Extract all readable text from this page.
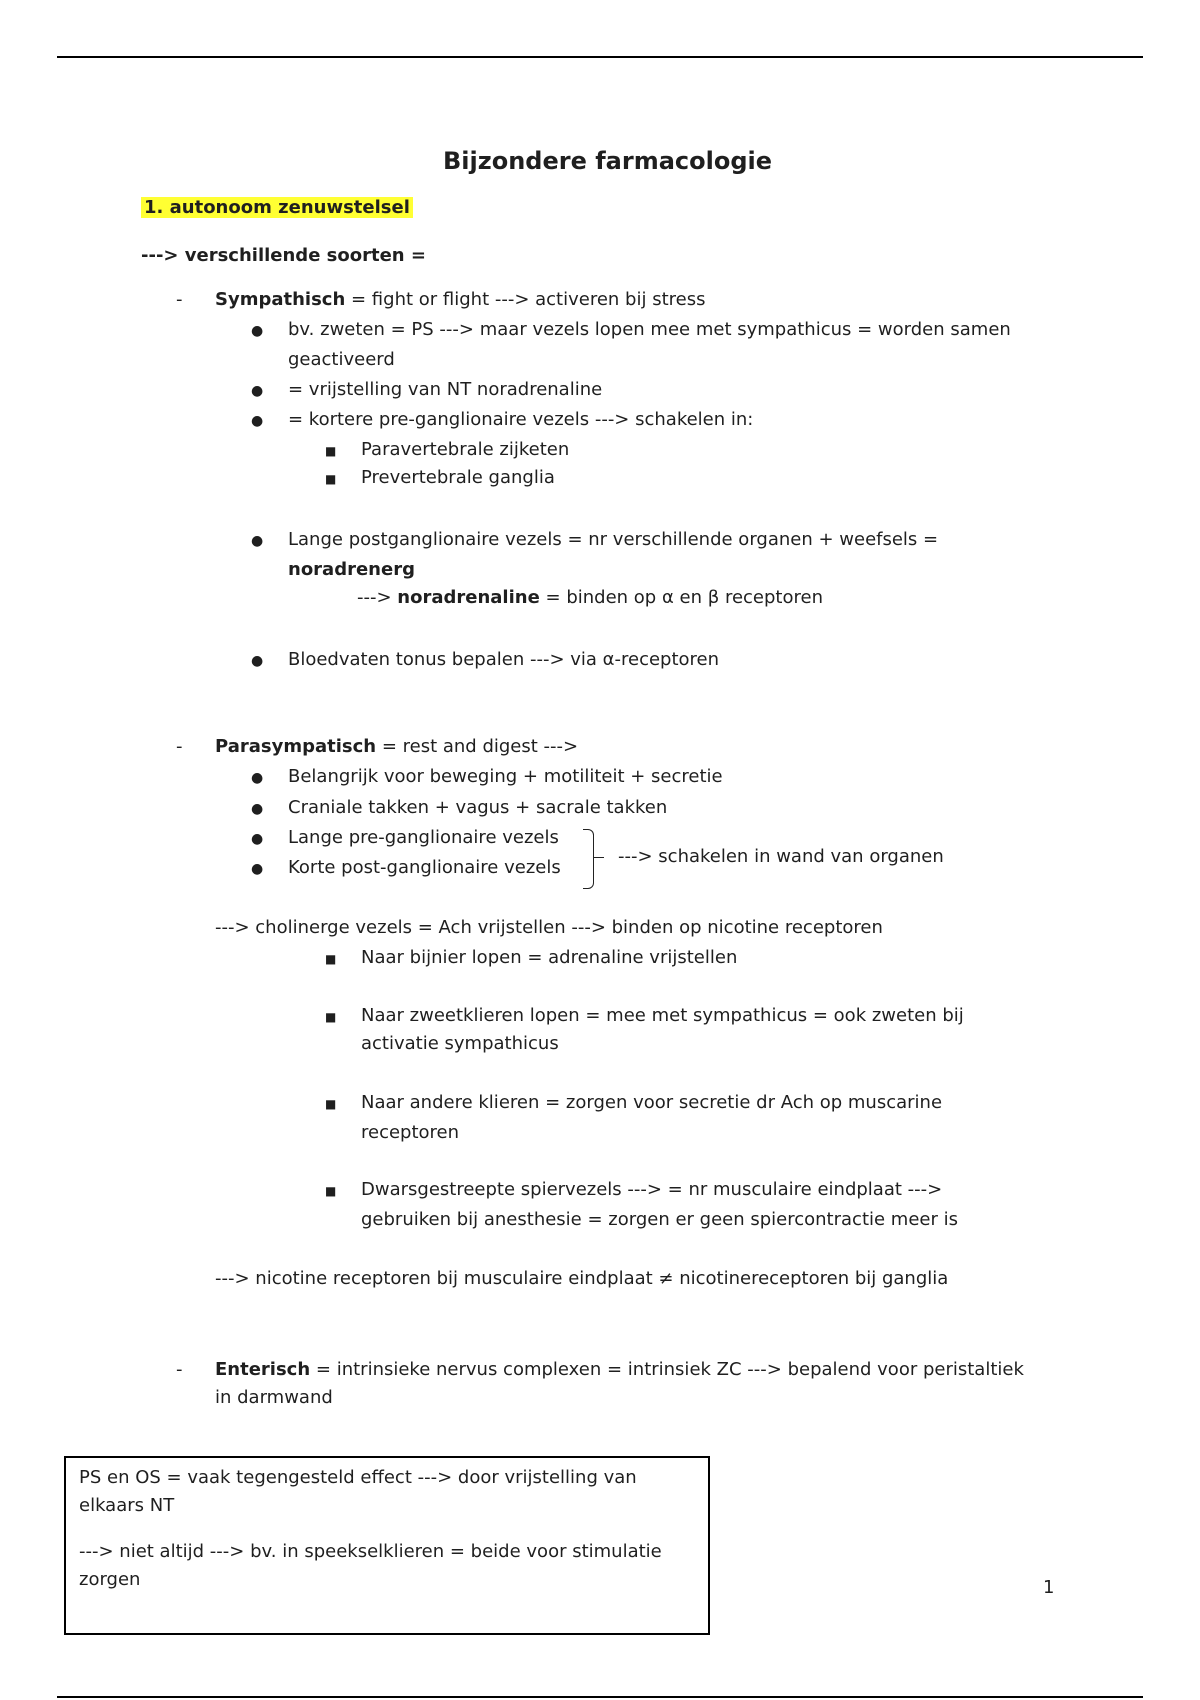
Bijzondere farmacologie
1. autonoom zenuwstelsel
---> verschillende soorten =
- Sympathisch = fight or flight ---> activeren bij stress
● bv. zweten = PS ---> maar vezels lopen mee met sympathicus = worden samen
geactiveerd
● = vrijstelling van NT noradrenaline
● = kortere pre-ganglionaire vezels ---> schakelen in:
■ Paravertebrale zijketen
■ Prevertebrale ganglia
● Lange postganglionaire vezels = nr verschillende organen + weefsels =
noradrenerg
---> noradrenaline = binden op α en β receptoren
● Bloedvaten tonus bepalen ---> via α-receptoren
- Parasympatisch = rest and digest --->
● Belangrijk voor beweging + motiliteit + secretie
● Craniale takken + vagus + sacrale takken
● Lange pre-ganglionaire vezels
● Korte post-ganglionaire vezels
---> schakelen in wand van organen
---> cholinerge vezels = Ach vrijstellen ---> binden op nicotine receptoren
■ Naar bijnier lopen = adrenaline vrijstellen
■ Naar zweetklieren lopen = mee met sympathicus = ook zweten bij
activatie sympathicus
■ Naar andere klieren = zorgen voor secretie dr Ach op muscarine
receptoren
■ Dwarsgestreepte spiervezels ---> = nr musculaire eindplaat --->
gebruiken bij anesthesie = zorgen er geen spiercontractie meer is
---> nicotine receptoren bij musculaire eindplaat ≠ nicotinereceptoren bij ganglia
- Enterisch = intrinsieke nervus complexen = intrinsiek ZC ---> bepalend voor peristaltiek
in darmwand
PS en OS = vaak tegengesteld effect ---> door vrijstelling van
elkaars NT
---> niet altijd ---> bv. in speekselklieren = beide voor stimulatie
zorgen	1
